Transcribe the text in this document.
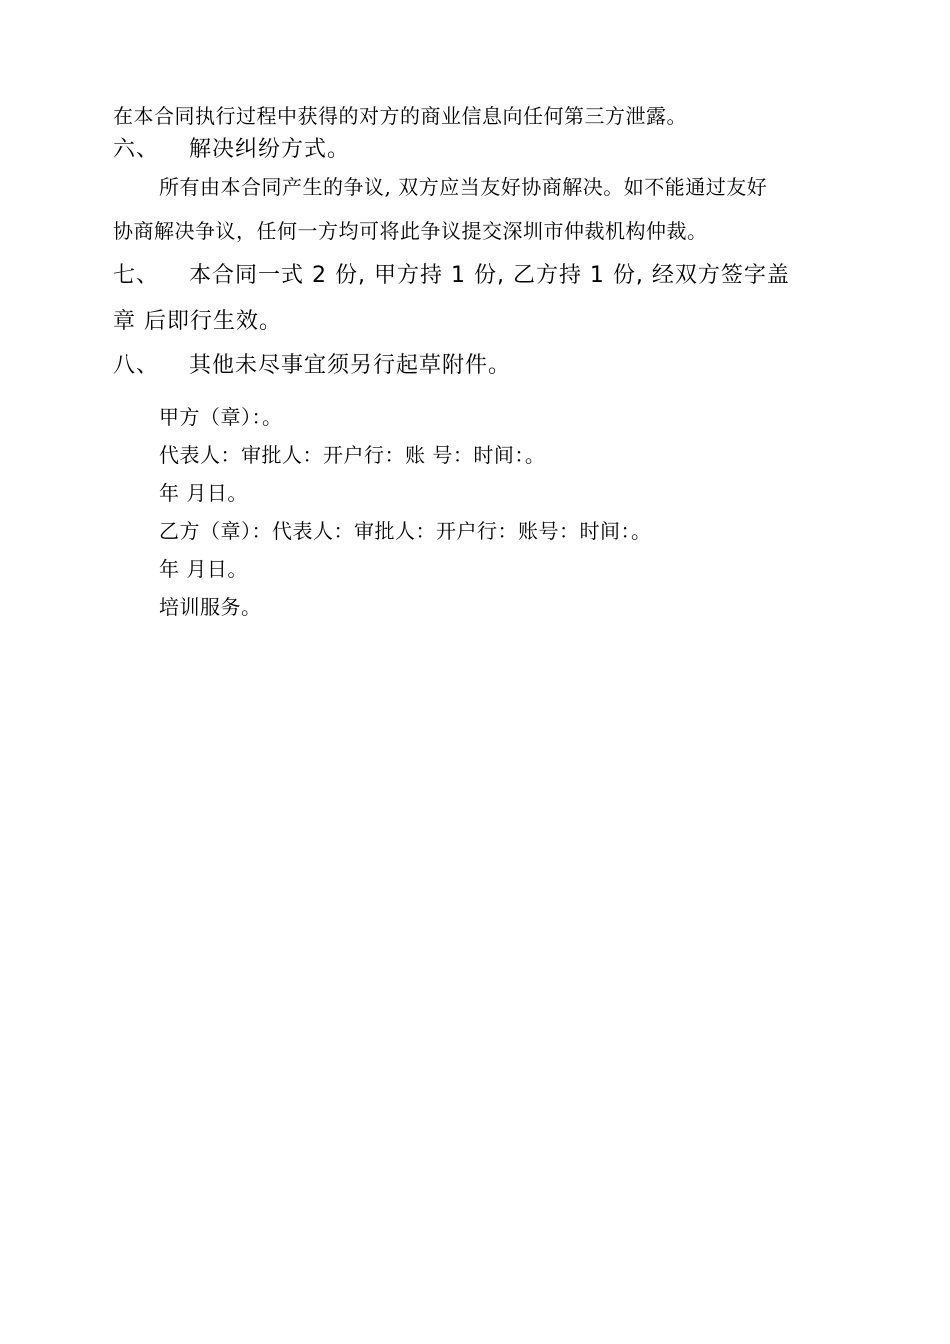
在本合同执行过程中获得的对方的商业信息向任何第三方泄露。
六、 解决纠纷方式。
所有由本合同产生的争议, 双方应当友好协商解决。如不能通过友好
协商解决争议，任何一方均可将此争议提交深圳市仲裁机构仲裁。
七、 本合同一式 2 份, 甲方持 1 份, 乙方持 1 份, 经双方签字盖
章 后即行生效。
八、 其他未尽事宜须另行起草附件。
甲方（章）：。
代表人：审批人：开户行：账 号：时间：。
年 月日。
乙方（章）：代表人：审批人：开户行：账号：时间：。
年 月日。
培训服务。
